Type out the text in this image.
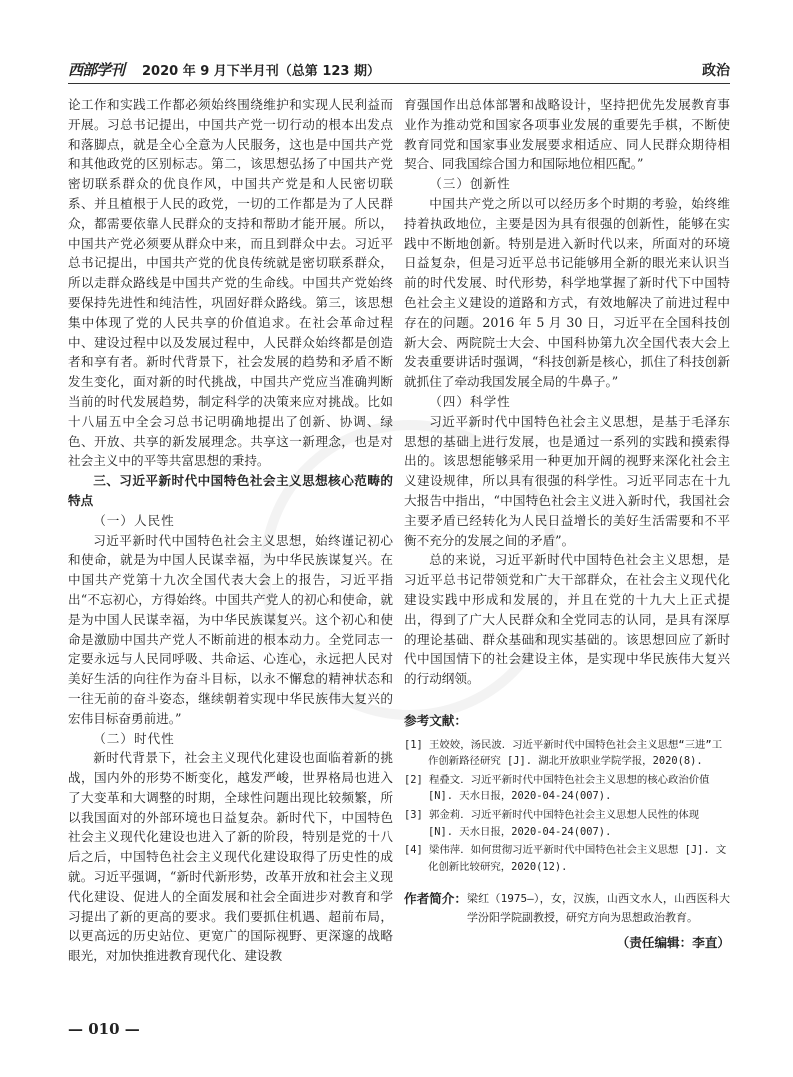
西部学刊 2020 年 9 月下半月刊（总第 123 期）	政治

论工作和实践工作都必须始终围绕维护和实现人民利益而开展。习总书记提出，中国共产党一切行动的根本出发点和落脚点，就是全心全意为人民服务，这也是中国共产党和其他政党的区别标志。第二，该思想弘扬了中国共产党密切联系群众的优良作风，中国共产党是和人民密切联系、并且植根于人民的政党，一切的工作都是为了人民群众，都需要依靠人民群众的支持和帮助才能开展。所以，中国共产党必须要从群众中来，而且到群众中去。习近平总书记提出，中国共产党的优良传统就是密切联系群众，所以走群众路线是中国共产党的生命线。中国共产党始终要保持先进性和纯洁性，巩固好群众路线。第三，该思想集中体现了党的人民共享的价值追求。在社会革命过程中、建设过程中以及发展过程中，人民群众始终都是创造者和享有者。新时代背景下，社会发展的趋势和矛盾不断发生变化，面对新的时代挑战，中国共产党应当准确判断当前的时代发展趋势，制定科学的决策来应对挑战。比如十八届五中全会习总书记明确地提出了创新、协调、绿色、开放、共享的新发展理念。共享这一新理念，也是对社会主义中的平等共富思想的秉持。

三、习近平新时代中国特色社会主义思想核心范畴的特点
（一）人民性

习近平新时代中国特色社会主义思想，始终谨记初心和使命，就是为中国人民谋幸福，为中华民族谋复兴。在中国共产党第十九次全国代表大会上的报告，习近平指出“不忘初心，方得始终。中国共产党人的初心和使命，就是为中国人民谋幸福，为中华民族谋复兴。这个初心和使命是激励中国共产党人不断前进的根本动力。全党同志一定要永远与人民同呼吸、共命运、心连心，永远把人民对美好生活的向往作为奋斗目标，以永不懈怠的精神状态和一往无前的奋斗姿态，继续朝着实现中华民族伟大复兴的宏伟目标奋勇前进。”

（二）时代性

新时代背景下，社会主义现代化建设也面临着新的挑战，国内外的形势不断变化，越发严峻，世界格局也进入了大变革和大调整的时期，全球性问题出现比较频繁，所以我国面对的外部环境也日益复杂。新时代下，中国特色社会主义现代化建设也进入了新的阶段，特别是党的十八后之后，中国特色社会主义现代化建设取得了历史性的成就。习近平强调，“新时代新形势，改革开放和社会主义现代化建设、促进人的全面发展和社会全面进步对教育和学习提出了新的更高的要求。我们要抓住机遇、超前布局，以更高远的历史站位、更宽广的国际视野、更深邃的战略眼光，对加快推进教育现代化、建设教

育强国作出总体部署和战略设计，坚持把优先发展教育事业作为推动党和国家各项事业发展的重要先手棋，不断使教育同党和国家事业发展要求相适应、同人民群众期待相契合、同我国综合国力和国际地位相匹配。”

（三）创新性

中国共产党之所以可以经历多个时期的考验，始终维持着执政地位，主要是因为具有很强的创新性，能够在实践中不断地创新。特别是进入新时代以来，所面对的环境日益复杂，但是习近平总书记能够用全新的眼光来认识当前的时代发展、时代形势，科学地掌握了新时代下中国特色社会主义建设的道路和方式，有效地解决了前进过程中存在的问题。2016 年 5 月 30 日，习近平在全国科技创新大会、两院院士大会、中国科协第九次全国代表大会上发表重要讲话时强调，“科技创新是核心，抓住了科技创新就抓住了牵动我国发展全局的牛鼻子。”

（四）科学性

习近平新时代中国特色社会主义思想，是基于毛泽东思想的基础上进行发展，也是通过一系列的实践和摸索得出的。该思想能够采用一种更加开阔的视野来深化社会主义建设规律，所以具有很强的科学性。习近平同志在十九大报告中指出，“中国特色社会主义进入新时代，我国社会主要矛盾已经转化为人民日益增长的美好生活需要和不平衡不充分的发展之间的矛盾”。

总的来说，习近平新时代中国特色社会主义思想，是习近平总书记带领党和广大干部群众，在社会主义现代化建设实践中形成和发展的，并且在党的十九大上正式提出，得到了广大人民群众和全党同志的认同，是具有深厚的理论基础、群众基础和现实基础的。该思想回应了新时代中国国情下的社会建设主体，是实现中华民族伟大复兴的行动纲领。

参考文献：
[1] 王姣姣，汤民波．习近平新时代中国特色社会主义思想“三进”工作创新路径研究 [J]. 湖北开放职业学院学报，2020(8).
[2] 程叠文．习近平新时代中国特色社会主义思想的核心政治价值 [N]. 天水日报，2020-04-24(007).
[3] 郭金莉．习近平新时代中国特色社会主义思想人民性的体现 [N]. 天水日报，2020-04-24(007).
[4] 梁伟萍．如何贯彻习近平新时代中国特色社会主义思想 [J]. 文化创新比较研究，2020(12).
作者简介： 梁红（1975—），女，汉族，山西文水人，山西医科大学汾阳学院副教授，研究方向为思想政治教育。
（责任编辑：李直）
— 010 —
